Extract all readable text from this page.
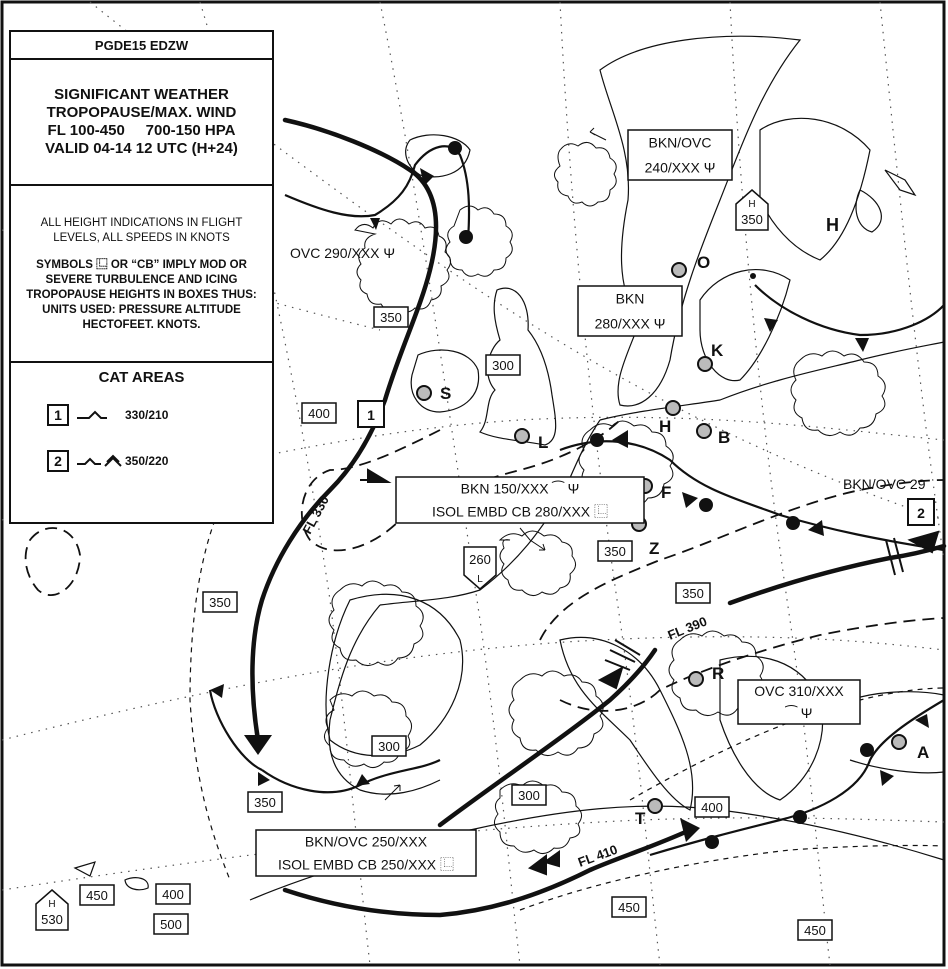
350
300
400
350
300
350	300
350
350
400
450	400
500
450
450
H
350
H
530
L
260
O
K
H
B
S
L
F
Z
R
T
A
BKN/OVC
240/XXX Ψ
BKN
280/XXX Ψ
BKN 150/XXX ⁀ Ψ
ISOL EMBD CB 280/XXX ⿺
OVC 310/XXX
⁀ Ψ
BKN/OVC 250/XXX
ISOL EMBD CB 250/XXX ⿺
OVC 290/XXX Ψ
BKN/OVC 29
H
FL 330
FL 390
FL 410
1
2
PGDE15 EDZW
SIGNIFICANT WEATHER
TROPOPAUSE/MAX. WIND
FL 100-450     700-150 HPA
VALID 04-14 12 UTC (H+24)
ALL HEIGHT INDICATIONS IN FLIGHT LEVELS, ALL SPEEDS IN KNOTS
SYMBOLS ⿺ OR “CB” IMPLY MOD OR SEVERE TURBULENCE AND ICING TROPOPAUSE HEIGHTS IN BOXES THUS: UNITS USED: PRESSURE ALTITUDE HECTOFEET. KNOTS.
CAT AREAS
1	330/210
2	350/220
